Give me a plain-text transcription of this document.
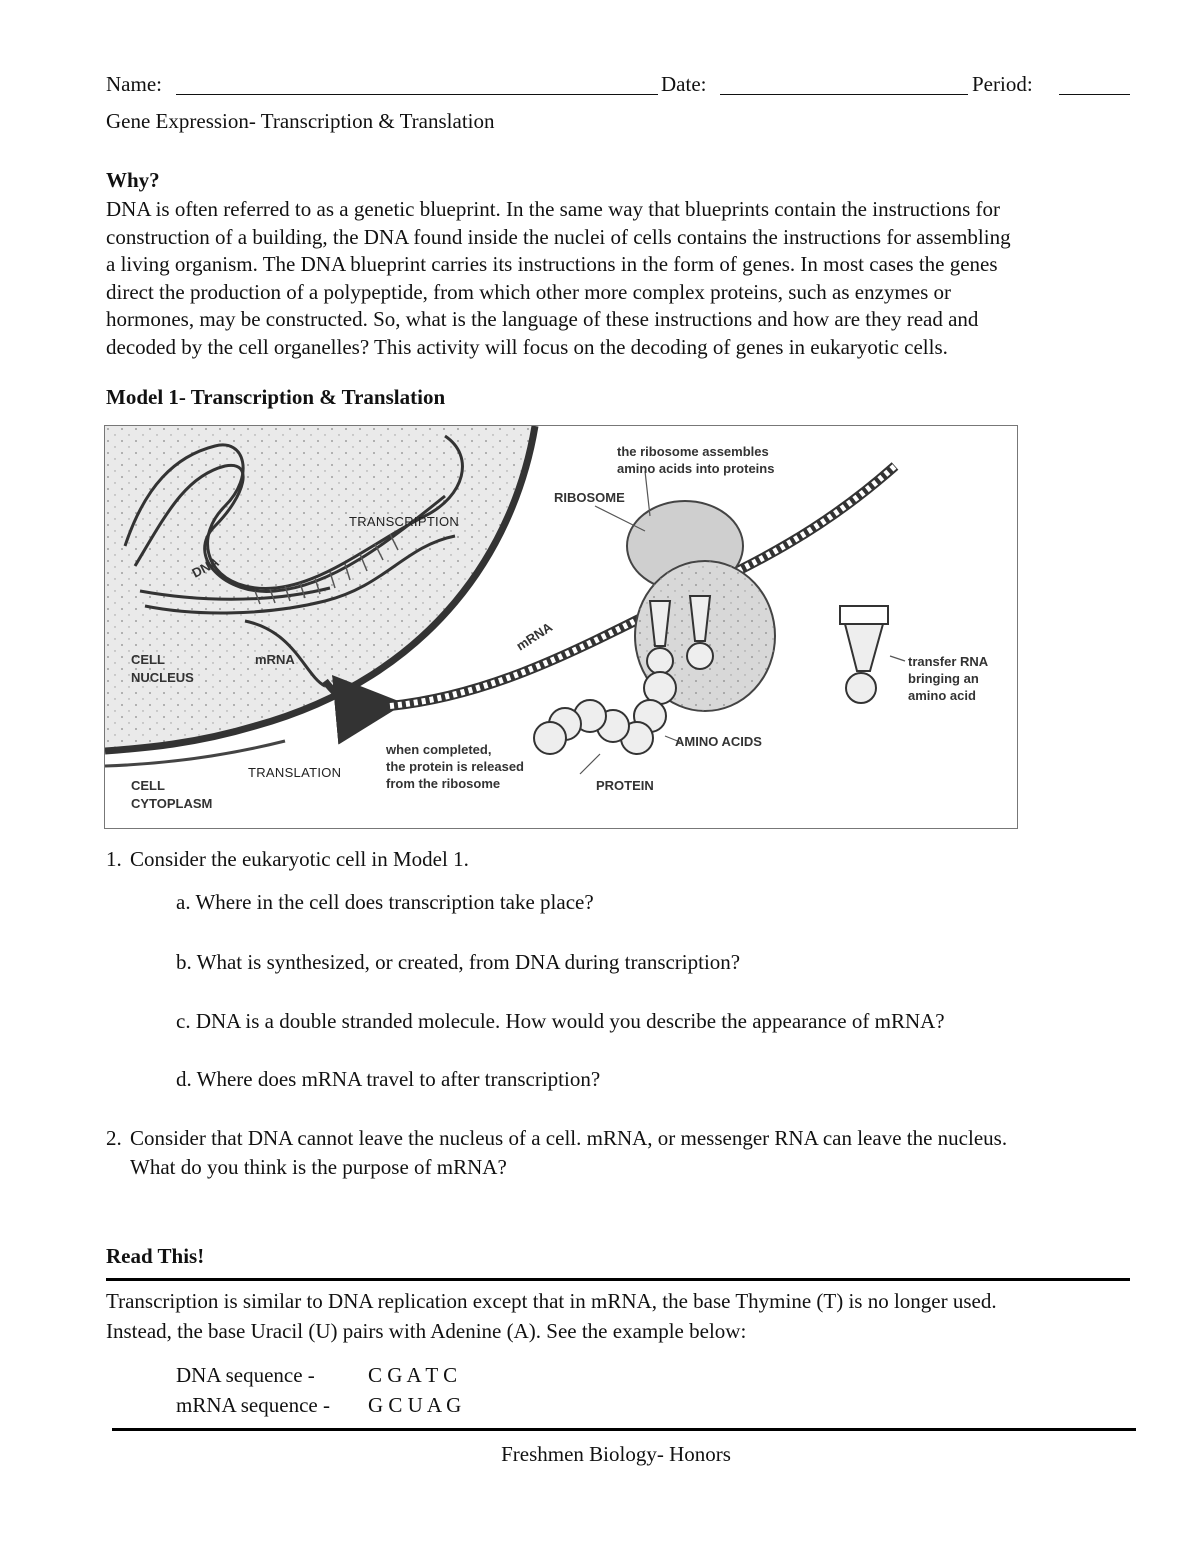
Name:	Date:	Period:
Gene Expression- Transcription & Translation
Why?
DNA is often referred to as a genetic blueprint. In the same way that blueprints contain the instructions for
construction of a building, the DNA found inside the nuclei of cells contains the instructions for assembling
a living organism. The DNA blueprint carries its instructions in the form of genes. In most cases the genes
direct the production of a polypeptide, from which other more complex proteins, such as enzymes or
hormones, may be constructed. So, what is the language of these instructions and how are they read and
decoded by the cell organelles? This activity will focus on the decoding of genes in eukaryotic cells.
Model 1- Transcription & Translation
DNA
TRANSCRIPTION
CELL
NUCLEUS
mRNA
mRNA
TRANSLATION
CELL
CYTOPLASM
when completed,
the protein is released
from the ribosome
the ribosome assembles
amino acids into proteins
RIBOSOME
AMINO ACIDS
PROTEIN
transfer RNA
bringing an
amino acid
1. Consider the eukaryotic cell in Model 1.
a. Where in the cell does transcription take place?
b. What is synthesized, or created, from DNA during transcription?
c. DNA is a double stranded molecule. How would you describe the appearance of mRNA?
d. Where does mRNA travel to after transcription?
2. Consider that DNA cannot leave the nucleus of a cell. mRNA, or messenger RNA can leave the nucleus.
What do you think is the purpose of mRNA?
Read This!
Transcription is similar to DNA replication except that in mRNA, the base Thymine (T) is no longer used.
Instead, the base Uracil (U) pairs with Adenine (A). See the example below:
DNA sequence -	C G A T C
mRNA sequence - G C U A G
Freshmen Biology- Honors
